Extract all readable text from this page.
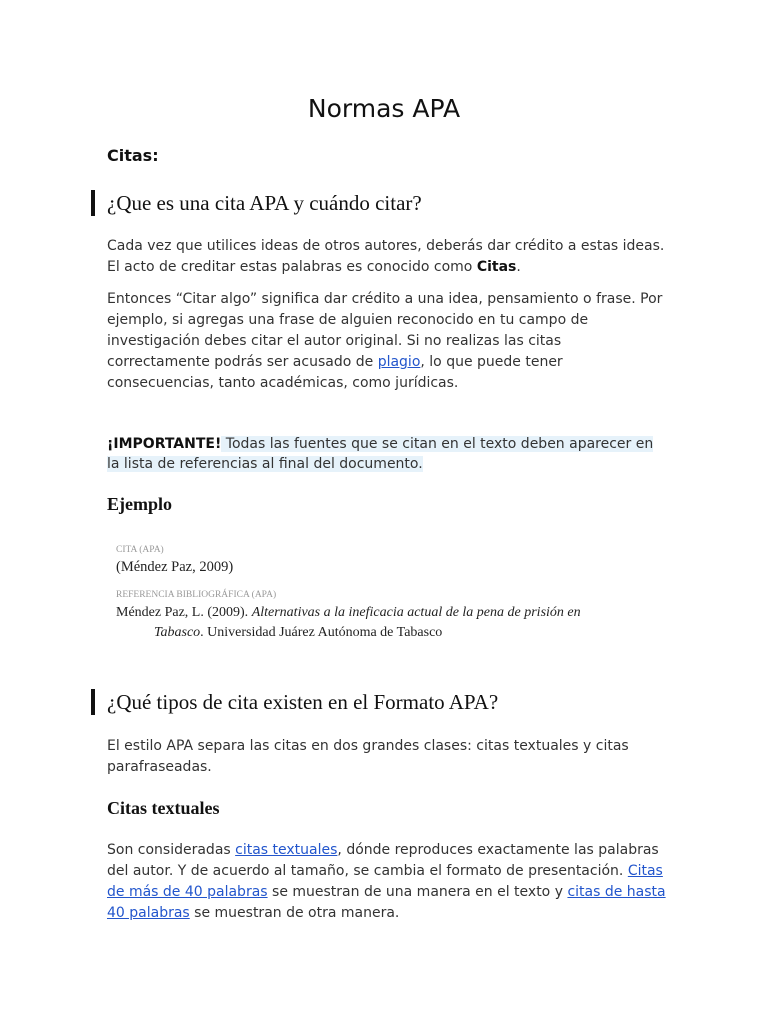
Normas APA
Citas:
¿Que es una cita APA y cuándo citar?

Cada vez que utilices ideas de otros autores, deberás dar crédito a estas ideas. El acto de creditar estas palabras es conocido como Citas.

Entonces “Citar algo” significa dar crédito a una idea, pensamiento o frase. Por ejemplo, si agregas una frase de alguien reconocido en tu campo de investigación debes citar el autor original. Si no realizas las citas correctamente podrás ser acusado de plagio, lo que puede tener consecuencias, tanto académicas, como jurídicas.

¡IMPORTANTE! Todas las fuentes que se citan en el texto deben aparecer en la lista de referencias al final del documento.

Ejemplo

CITA (APA)

(Méndez Paz, 2009)

REFERENCIA BIBLIOGRÁFICA (APA)

Méndez Paz, L. (2009). Alternativas a la ineficacia actual de la pena de prisión en
Tabasco. Universidad Juárez Autónoma de Tabasco

¿Qué tipos de cita existen en el Formato APA?

El estilo APA separa las citas en dos grandes clases: citas textuales y citas parafraseadas.

Citas textuales

Son consideradas citas textuales, dónde reproduces exactamente las palabras del autor. Y de acuerdo al tamaño, se cambia el formato de presentación. Citas de más de 40 palabras se muestran de una manera en el texto y citas de hasta 40 palabras se muestran de otra manera.
